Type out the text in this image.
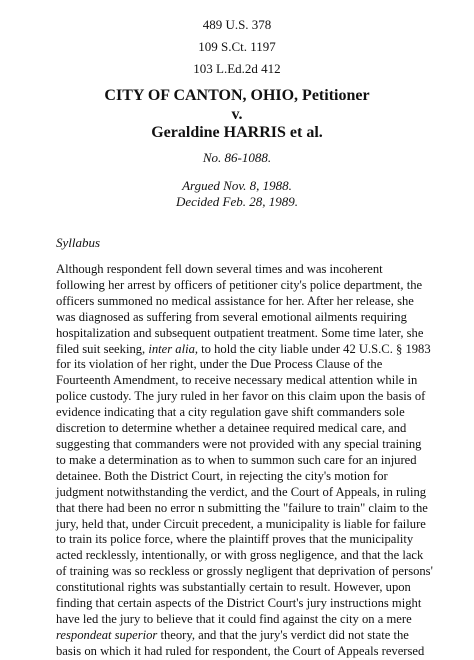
489 U.S. 378
109 S.Ct. 1197
103 L.Ed.2d 412
CITY OF CANTON, OHIO, Petitioner
v.
Geraldine HARRIS et al.
No. 86-1088.
Argued Nov. 8, 1988.
Decided Feb. 28, 1989.
Syllabus
Although respondent fell down several times and was incoherent
following her arrest by officers of petitioner city's police department, the
officers summoned no medical assistance for her. After her release, she
was diagnosed as suffering from several emotional ailments requiring
hospitalization and subsequent outpatient treatment. Some time later, she
filed suit seeking, inter alia, to hold the city liable under 42 U.S.C. § 1983
for its violation of her right, under the Due Process Clause of the
Fourteenth Amendment, to receive necessary medical attention while in
police custody. The jury ruled in her favor on this claim upon the basis of
evidence indicating that a city regulation gave shift commanders sole
discretion to determine whether a detainee required medical care, and
suggesting that commanders were not provided with any special training
to make a determination as to when to summon such care for an injured
detainee. Both the District Court, in rejecting the city's motion for
judgment notwithstanding the verdict, and the Court of Appeals, in ruling
that there had been no error n submitting the "failure to train" claim to the
jury, held that, under Circuit precedent, a municipality is liable for failure
to train its police force, where the plaintiff proves that the municipality
acted recklessly, intentionally, or with gross negligence, and that the lack
of training was so reckless or grossly negligent that deprivation of persons'
constitutional rights was substantially certain to result. However, upon
finding that certain aspects of the District Court's jury instructions might
have led the jury to believe that it could find against the city on a mere
respondeat superior theory, and that the jury's verdict did not state the
basis on which it had ruled for respondent, the Court of Appeals reversed
